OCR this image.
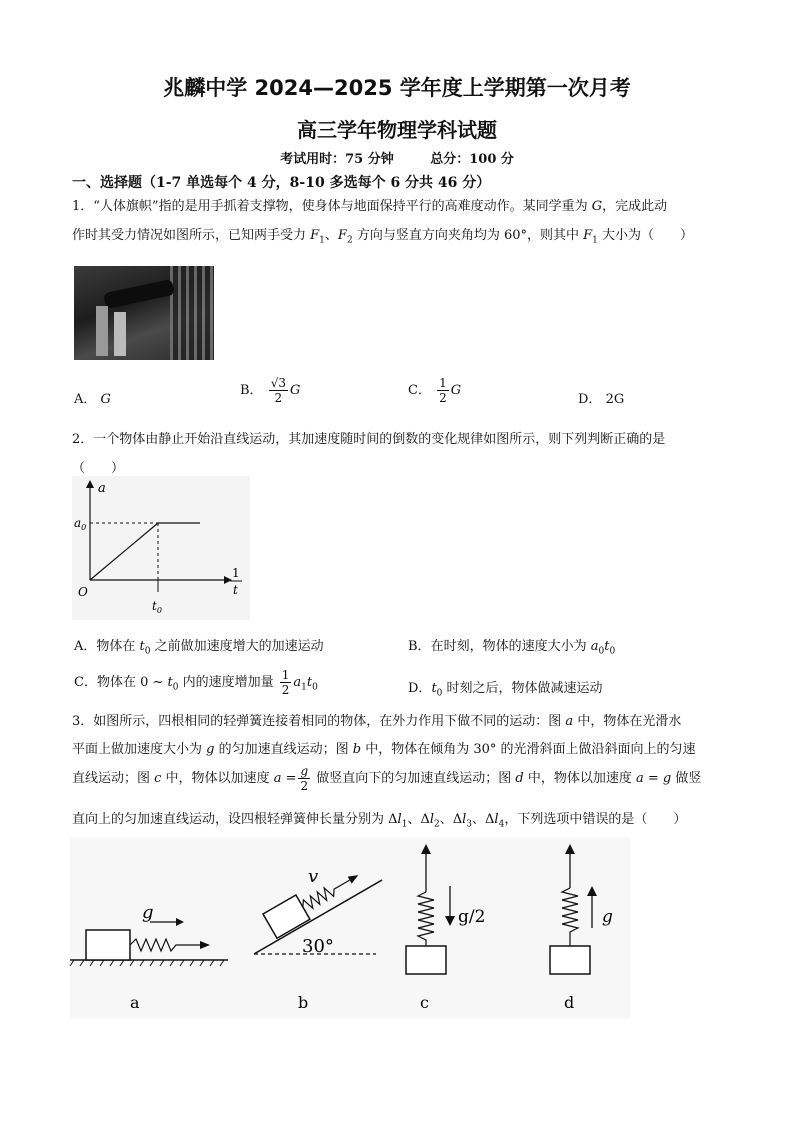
兆麟中学 2024—2025 学年度上学期第一次月考
高三学年物理学科试题
考试用时：75 分钟	总分：100 分
一、选择题（1-7 单选每个 4 分，8-10 多选每个 6 分共 46 分）
1．“人体旗帜”指的是用手抓着支撑物，使身体与地面保持平行的高难度动作。某同学重为 G，完成此动
作时其受力情况如图所示，已知两手受力 $F_1$、$F_2$ 方向与竖直方向夹角均为 60°，则其中 $F_1$ 大小为（　　）
A． G
B． $\frac{√3}{2}$ G	C． $\frac{1}{2}$ G
D． 2G
2．一个物体由静止开始沿直线运动，其加速度随时间的倒数的变化规律如图所示，则下列判断正确的是
（　　）
a
$a_0$
O
$t_0$
1
t
A．物体在 $t_0$ 之前做加速度增大的加速运动	B．在时刻，物体的速度大小为 $a_0t_0$
C．物体在 0 ~ $t_0$ 内的速度增加量 $\frac{1}{2} a_1t_0$	D．$t_0$ 时刻之后，物体做减速运动
3．如图所示，四根相同的轻弹簧连接着相同的物体，在外力作用下做不同的运动：图 a 中，物体在光滑水
平面上做加速度大小为 g 的匀加速直线运动；图 b 中，物体在倾角为 30° 的光滑斜面上做沿斜面向上的匀速
直线运动；图 c 中，物体以加速度 $a = \frac{g}{2}$ 做竖直向下的匀加速直线运动；图 d 中，物体以加速度 a = g 做竖
直向上的匀加速直线运动，设四根轻弹簧伸长量分别为 $\Delta l_1$、$\Delta l_2$、$\Delta l_3$、$\Delta l_4$，下列选项中错误的是（　　）
g
a
v
30°
b
g/2
c
g
d
